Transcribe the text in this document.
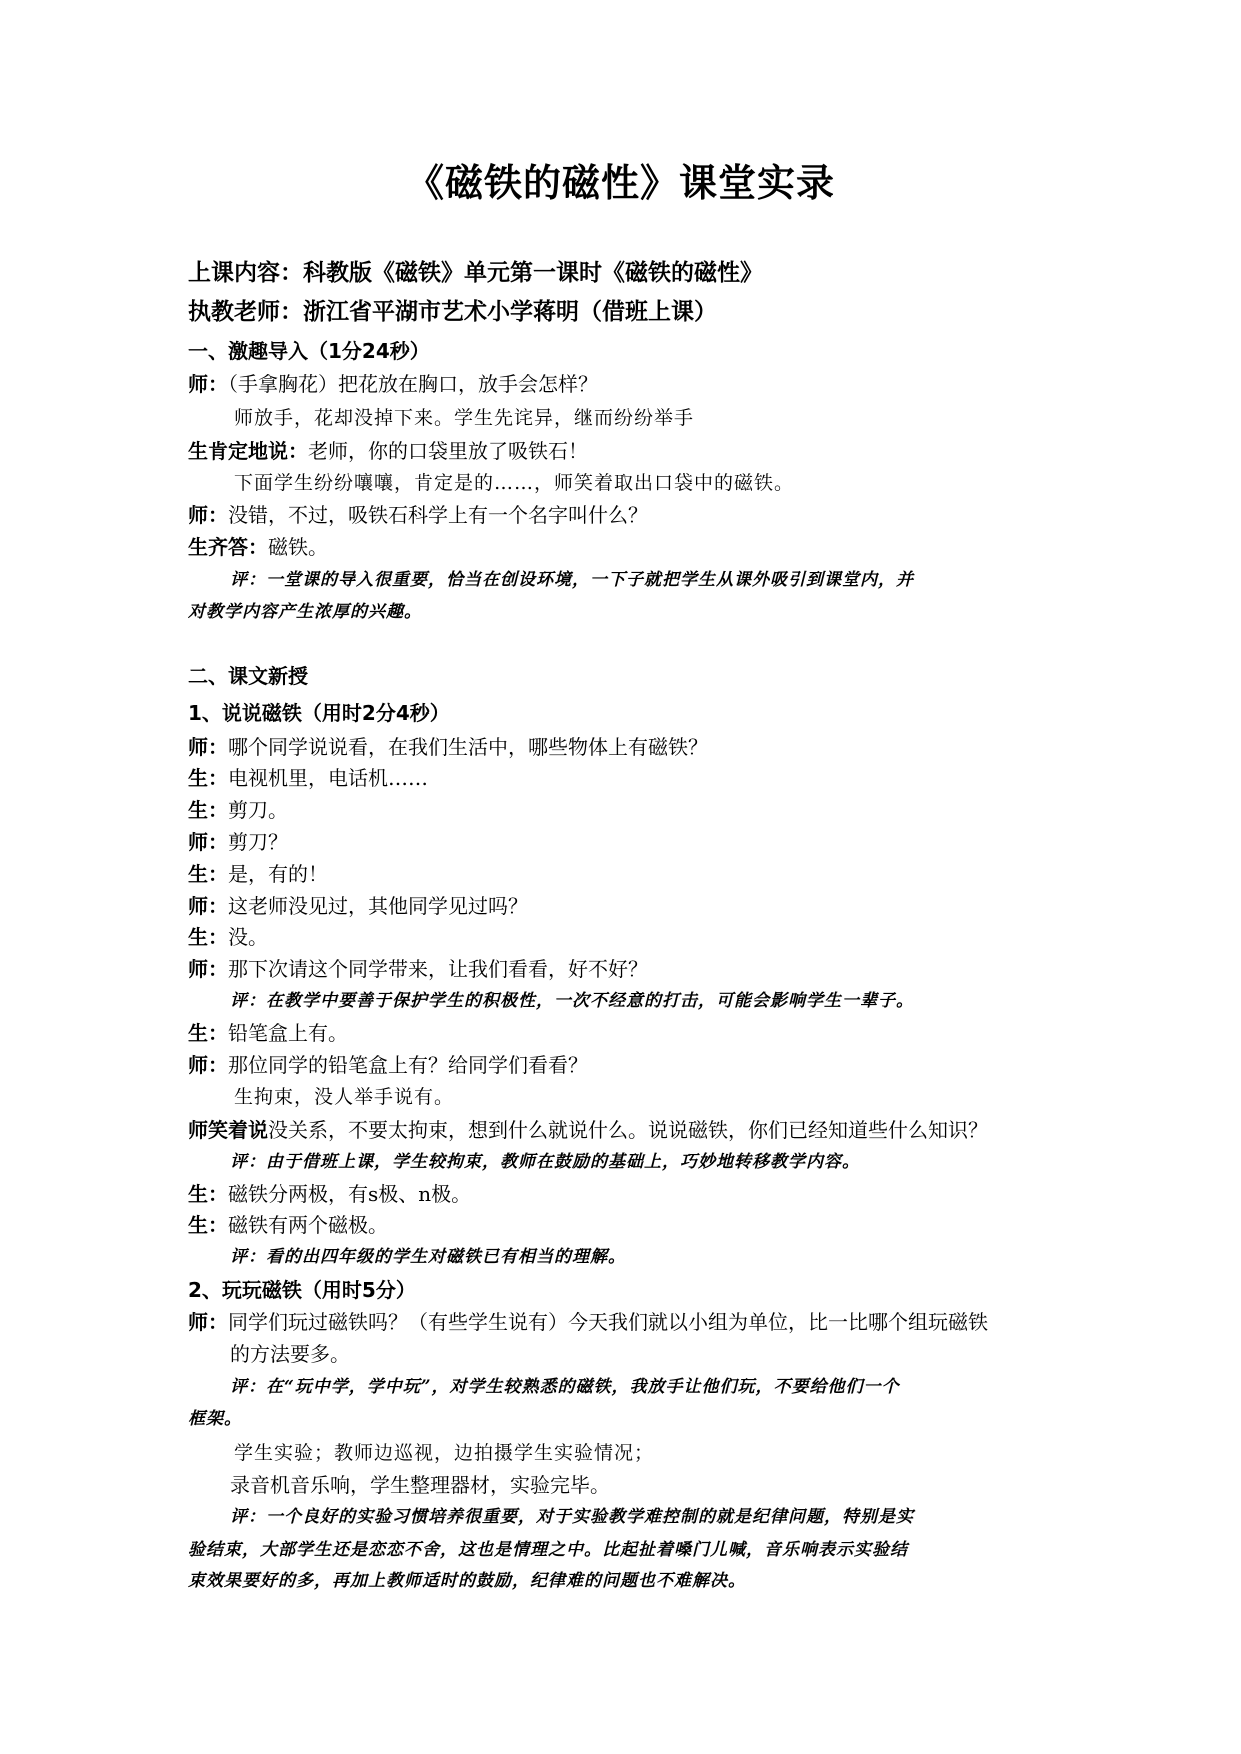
《磁铁的磁性》课堂实录
上课内容：科教版《磁铁》单元第一课时《磁铁的磁性》
执教老师：浙江省平湖市艺术小学蒋明（借班上课）
一、激趣导入（1分24秒）
师：（手拿胸花）把花放在胸口，放手会怎样？
师放手，花却没掉下来。学生先诧异，继而纷纷举手
生肯定地说：老师，你的口袋里放了吸铁石！
下面学生纷纷嚷嚷，肯定是的……，师笑着取出口袋中的磁铁。
师：没错，不过，吸铁石科学上有一个名字叫什么？
生齐答：磁铁。
评：一堂课的导入很重要，恰当在创设环境，一下子就把学生从课外吸引到课堂内，并
对教学内容产生浓厚的兴趣。
二、课文新授
1、说说磁铁（用时2分4秒）
师：哪个同学说说看，在我们生活中，哪些物体上有磁铁？
生：电视机里，电话机……
生：剪刀。
师：剪刀？
生：是，有的！
师：这老师没见过，其他同学见过吗？
生：没。
师：那下次请这个同学带来，让我们看看，好不好？
评：在教学中要善于保护学生的积极性，一次不经意的打击，可能会影响学生一辈子。
生：铅笔盒上有。
师：那位同学的铅笔盒上有？给同学们看看？
生拘束，没人举手说有。
师笑着说没关系，不要太拘束，想到什么就说什么。说说磁铁，你们已经知道些什么知识？
评：由于借班上课，学生较拘束，教师在鼓励的基础上，巧妙地转移教学内容。
生：磁铁分两极，有s极、n极。
生：磁铁有两个磁极。
评：看的出四年级的学生对磁铁已有相当的理解。
2、玩玩磁铁（用时5分）
师：同学们玩过磁铁吗？（有些学生说有）今天我们就以小组为单位，比一比哪个组玩磁铁
的方法要多。
评：在“玩中学，学中玩”，对学生较熟悉的磁铁，我放手让他们玩，不要给他们一个
框架。
学生实验；教师边巡视，边拍摄学生实验情况；
录音机音乐响，学生整理器材，实验完毕。
评：一个良好的实验习惯培养很重要，对于实验教学难控制的就是纪律问题，特别是实
验结束，大部学生还是恋恋不舍，这也是情理之中。比起扯着嗓门儿喊，音乐响表示实验结
束效果要好的多，再加上教师适时的鼓励，纪律难的问题也不难解决。
